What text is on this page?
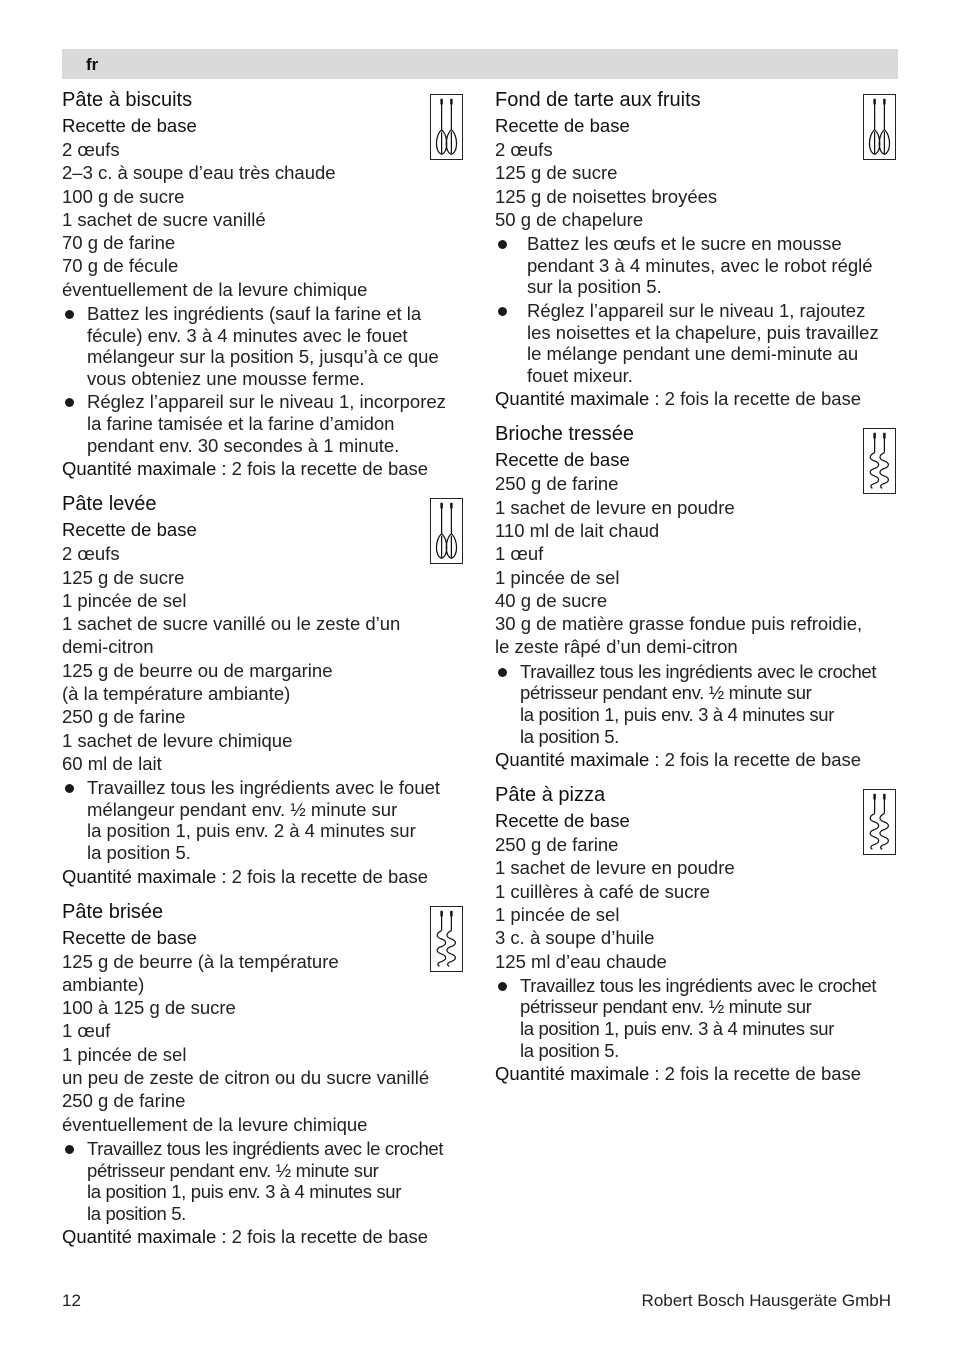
fr
Pâte à biscuits
Recette de base
2 œufs
2–3 c. à soupe d’eau très chaude
100 g de sucre
1 sachet de sucre vanillé
70 g de farine
70 g de fécule
éventuellement de la levure chimique
Battez les ingrédients (sauf la farine et la
fécule) env. 3 à 4 minutes avec le fouet
mélangeur sur la position 5, jusqu’à ce que
vous obteniez une mousse ferme.
Réglez l’appareil sur le niveau 1, incorporez
la farine tamisée et la farine d’amidon
pendant env. 30 secondes à 1 minute.
Quantité maximale : 2 fois la recette de base
Pâte levée
Recette de base
2 œufs
125 g de sucre
1 pincée de sel
1 sachet de sucre vanillé ou le zeste d’un
demi-citron
125 g de beurre ou de margarine
(à la température ambiante)
250 g de farine
1 sachet de levure chimique
60 ml de lait
Travaillez tous les ingrédients avec le fouet
mélangeur pendant env. ½ minute sur
la position 1, puis env. 2 à 4 minutes sur
la position 5.
Quantité maximale : 2 fois la recette de base
Pâte brisée
Recette de base
125 g de beurre (à la température
ambiante)
100 à 125 g de sucre
1 œuf
1 pincée de sel
un peu de zeste de citron ou du sucre vanillé
250 g de farine
éventuellement de la levure chimique
Travaillez tous les ingrédients avec le crochet
pétrisseur pendant env. ½ minute sur
la position 1, puis env. 3 à 4 minutes sur
la position 5.
Quantité maximale : 2 fois la recette de base
Fond de tarte aux fruits
Recette de base
2 œufs
125 g de sucre
125 g de noisettes broyées
50 g de chapelure
Battez les œufs et le sucre en mousse
pendant 3 à 4 minutes, avec le robot réglé
sur la position 5.
Réglez l’appareil sur le niveau 1, rajoutez
les noisettes et la chapelure, puis travaillez
le mélange pendant une demi-minute au
fouet mixeur.
Quantité maximale : 2 fois la recette de base
Brioche tressée
Recette de base
250 g de farine
1 sachet de levure en poudre
110 ml de lait chaud
1 œuf
1 pincée de sel
40 g de sucre
30 g de matière grasse fondue puis refroidie,
le zeste râpé d’un demi-citron
Travaillez tous les ingrédients avec le crochet
pétrisseur pendant env. ½ minute sur
la position 1, puis env. 3 à 4 minutes sur
la position 5.
Quantité maximale : 2 fois la recette de base
Pâte à pizza
Recette de base
250 g de farine
1 sachet de levure en poudre
1 cuillères à café de sucre
1 pincée de sel
3 c. à soupe d’huile
125 ml d’eau chaude
Travaillez tous les ingrédients avec le crochet
pétrisseur pendant env. ½ minute sur
la position 1, puis env. 3 à 4 minutes sur
la position 5.
Quantité maximale : 2 fois la recette de base
12	Robert Bosch Hausgeräte GmbH
